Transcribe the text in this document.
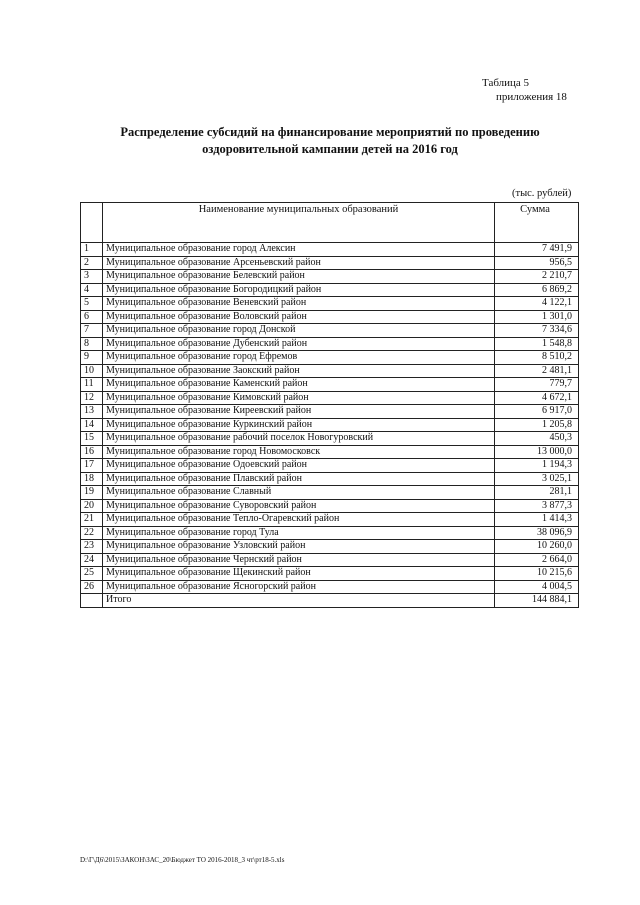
Таблица 5
приложения 18
Распределение субсидий на финансирование мероприятий по проведению
оздоровительной кампании детей на 2016 год
(тыс. рублей)
	Наименование муниципальных образований	Сумма
1	Муниципальное образование город Алексин	7 491,9
2	Муниципальное образование Арсеньевский район	956,5
3	Муниципальное образование Белевский район	2 210,7
4	Муниципальное образование Богородицкий район	6 869,2
5	Муниципальное образование Веневский район	4 122,1
6	Муниципальное образование Воловский район	1 301,0
7	Муниципальное образование город Донской	7 334,6
8	Муниципальное образование Дубенский район	1 548,8
9	Муниципальное образование город Ефремов	8 510,2
10	Муниципальное образование Заокский район	2 481,1
11	Муниципальное образование Каменский район	779,7
12	Муниципальное образование Кимовский район	4 672,1
13	Муниципальное образование Киреевский район	6 917,0
14	Муниципальное образование Куркинский район	1 205,8
15	Муниципальное образование рабочий поселок Новогуровский	450,3
16	Муниципальное образование город Новомосковск	13 000,0
17	Муниципальное образование Одоевский район	1 194,3
18	Муниципальное образование Плавский район	3 025,1
19	Муниципальное образование Славный	281,1
20	Муниципальное образование Суворовский район	3 877,3
21	Муниципальное образование Тепло-Огаревский район	1 414,3
22	Муниципальное образование город Тула	38 096,9
23	Муниципальное образование Узловский район	10 260,0
24	Муниципальное образование Чернский район	2 664,0
25	Муниципальное образование Щекинский район	10 215,6
26	Муниципальное образование Ясногорский район	4 004,5
	Итого	144 884,1
D:\Г\Д6\2015\ЗАКОН\ЗАС_20\Бюджет ТО 2016-2018_3 чт\рт18-5.xls
